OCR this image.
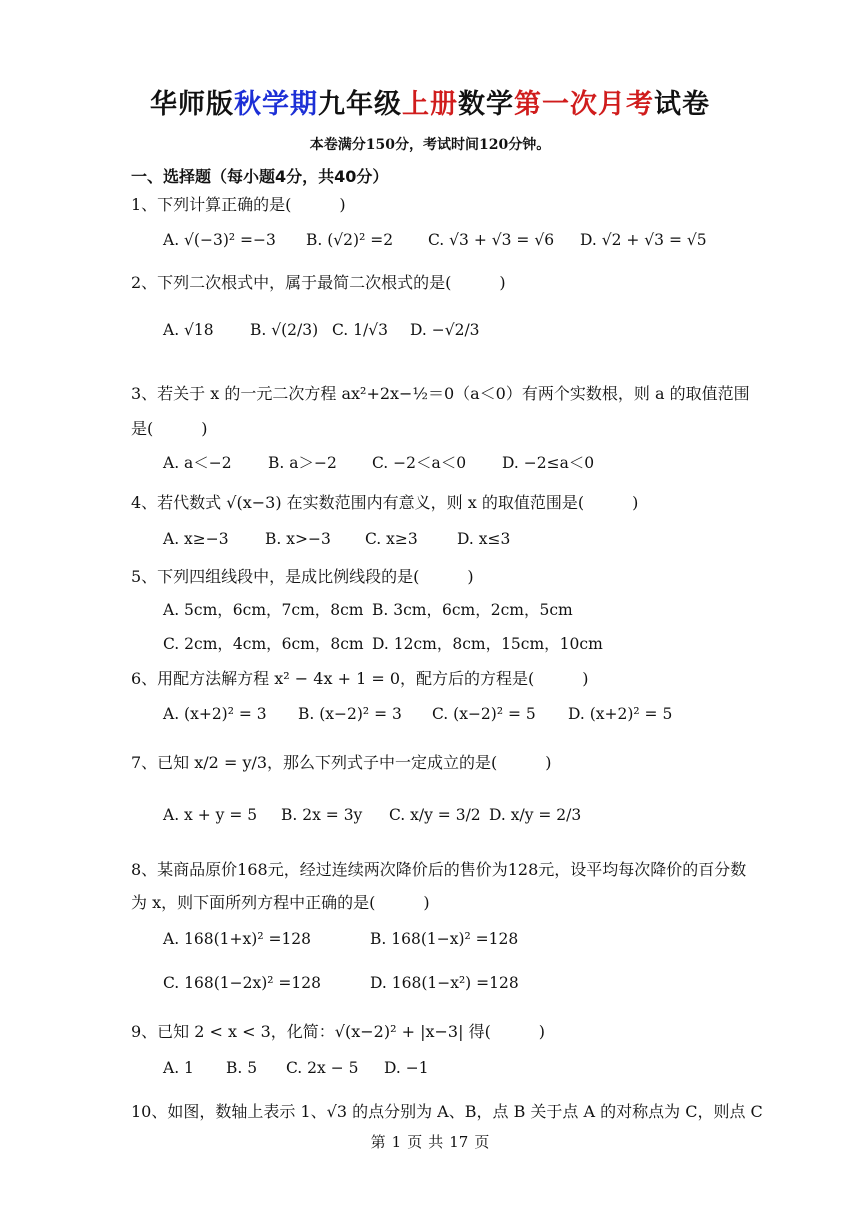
华师版秋学期九年级上册数学第一次月考试卷
本卷满分150分，考试时间120分钟。
一、选择题（每小题4分，共40分）
1、下列计算正确的是(　　　)
A. √(−3)² =−3 B. (√2)² =2 C. √3 + √3 = √6 D. √2 + √3 = √5
2、下列二次根式中，属于最简二次根式的是(　　　)
A. √18 B. √(2/3) C. 1/√3 D. −√2/3
3、若关于 x 的一元二次方程 ax²+2x−½＝0（a＜0）有两个实数根，则 a 的取值范围
是(　　　)
A. a＜−2 B. a＞−2 C. −2＜a＜0 D. −2≤a＜0
4、若代数式 √(x−3) 在实数范围内有意义，则 x 的取值范围是(　　　)
A. x≥−3 B. x>−3 C. x≥3	D. x≤3
5、下列四组线段中，是成比例线段的是(　　　)
A. 5cm，6cm，7cm，8cm B. 3cm，6cm，2cm，5cm
C. 2cm，4cm，6cm，8cm D. 12cm，8cm，15cm，10cm
6、用配方法解方程 x² − 4x + 1 = 0，配方后的方程是(　　　)
A. (x+2)² = 3 B. (x−2)² = 3 C. (x−2)² = 5 D. (x+2)² = 5
7、已知 x/2 = y/3，那么下列式子中一定成立的是(　　　)
A. x + y = 5 B. 2x = 3y C. x/y = 3/2 D. x/y = 2/3
8、某商品原价168元，经过连续两次降价后的售价为128元，设平均每次降价的百分数
为 x，则下面所列方程中正确的是(　　　)
A. 168(1+x)² =128	B. 168(1−x)² =128
C. 168(1−2x)² =128	D. 168(1−x²) =128
9、已知 2 < x < 3，化简：√(x−2)² + |x−3| 得(　　　)
A. 1 B. 5 C. 2x − 5 D. −1
10、如图，数轴上表示 1、√3 的点分别为 A、B，点 B 关于点 A 的对称点为 C，则点 C
第 1 页 共 17 页
